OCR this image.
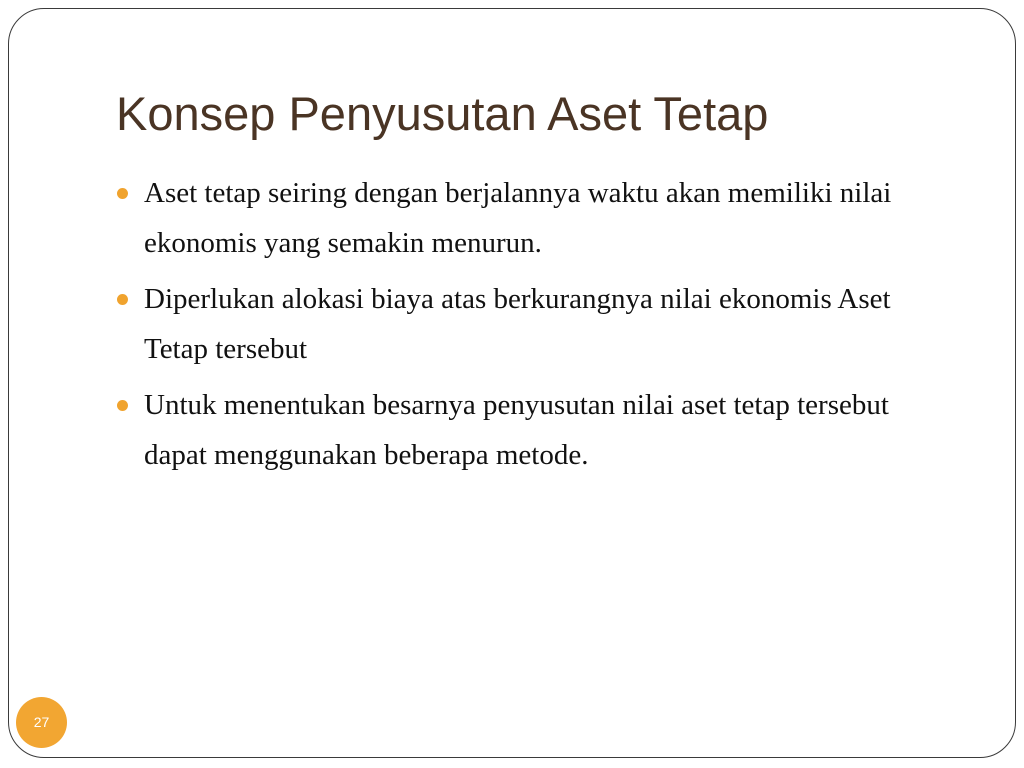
Konsep Penyusutan Aset Tetap
Aset tetap seiring dengan berjalannya waktu akan memiliki nilai ekonomis yang semakin menurun.
Diperlukan alokasi biaya atas berkurangnya nilai ekonomis Aset Tetap tersebut
Untuk menentukan besarnya penyusutan nilai aset tetap tersebut dapat menggunakan beberapa metode.
27
